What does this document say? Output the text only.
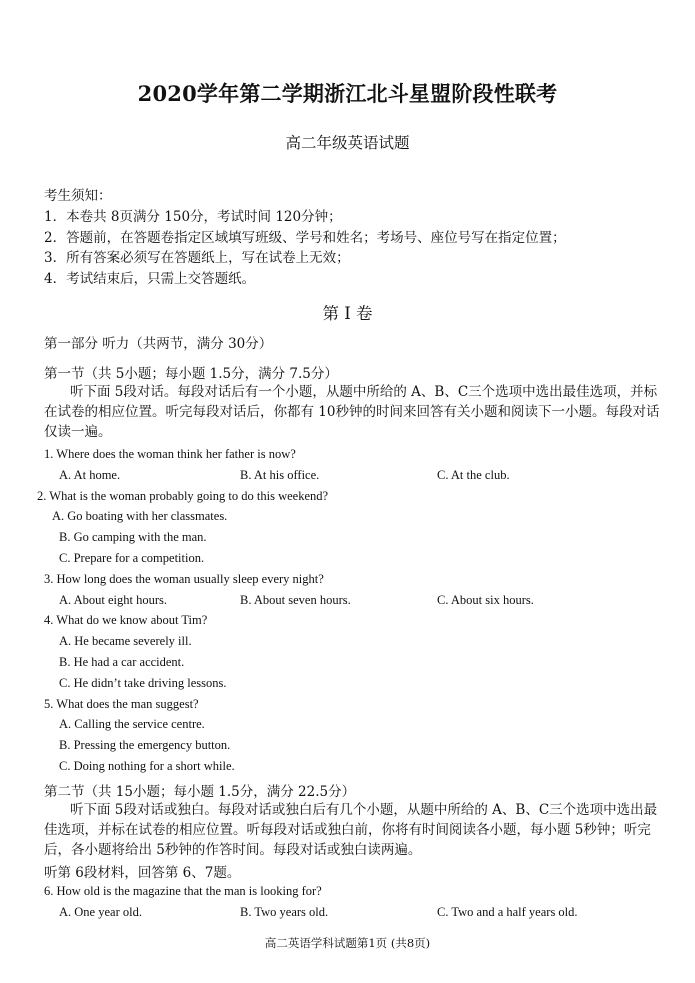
2020学年第二学期浙江北斗星盟阶段性联考
高二年级英语试题
考生须知：
1．本卷共 8页满分 150分，考试时间 120分钟；
2．答题前，在答题卷指定区域填写班级、学号和姓名；考场号、座位号写在指定位置；
3．所有答案必须写在答题纸上，写在试卷上无效；
4．考试结束后，只需上交答题纸。
第 I 卷
第一部分 听力（共两节，满分 30分）
第一节（共 5小题；每小题 1.5分，满分 7.5分）
听下面 5段对话。每段对话后有一个小题，从题中所给的 A、B、C三个选项中选出最佳选项，并标在试卷的相应位置。听完每段对话后，你都有 10秒钟的时间来回答有关小题和阅读下一小题。每段对话仅读一遍。
1. Where does the woman think her father is now?
A. At home.	B. At his office.	C. At the club.
2. What is the woman probably going to do this weekend?
A. Go boating with her classmates.
B. Go camping with the man.
C. Prepare for a competition.
3. How long does the woman usually sleep every night?
A. About eight hours.	B. About seven hours.	C. About six hours.
4. What do we know about Tim?
A. He became severely ill.
B. He had a car accident.
C. He didn’t take driving lessons.
5. What does the man suggest?
A. Calling the service centre.
B. Pressing the emergency button.
C. Doing nothing for a short while.
第二节（共 15小题；每小题 1.5分，满分 22.5分）
听下面 5段对话或独白。每段对话或独白后有几个小题，从题中所给的 A、B、C三个选项中选出最佳选项，并标在试卷的相应位置。听每段对话或独白前，你将有时间阅读各小题，每小题 5秒钟；听完后，各小题将给出 5秒钟的作答时间。每段对话或独白读两遍。
听第 6段材料，回答第 6、7题。
6. How old is the magazine that the man is looking for?
A. One year old.	B. Two years old.	C. Two and a half years old.
高二英语学科试题第1页 (共8页)
